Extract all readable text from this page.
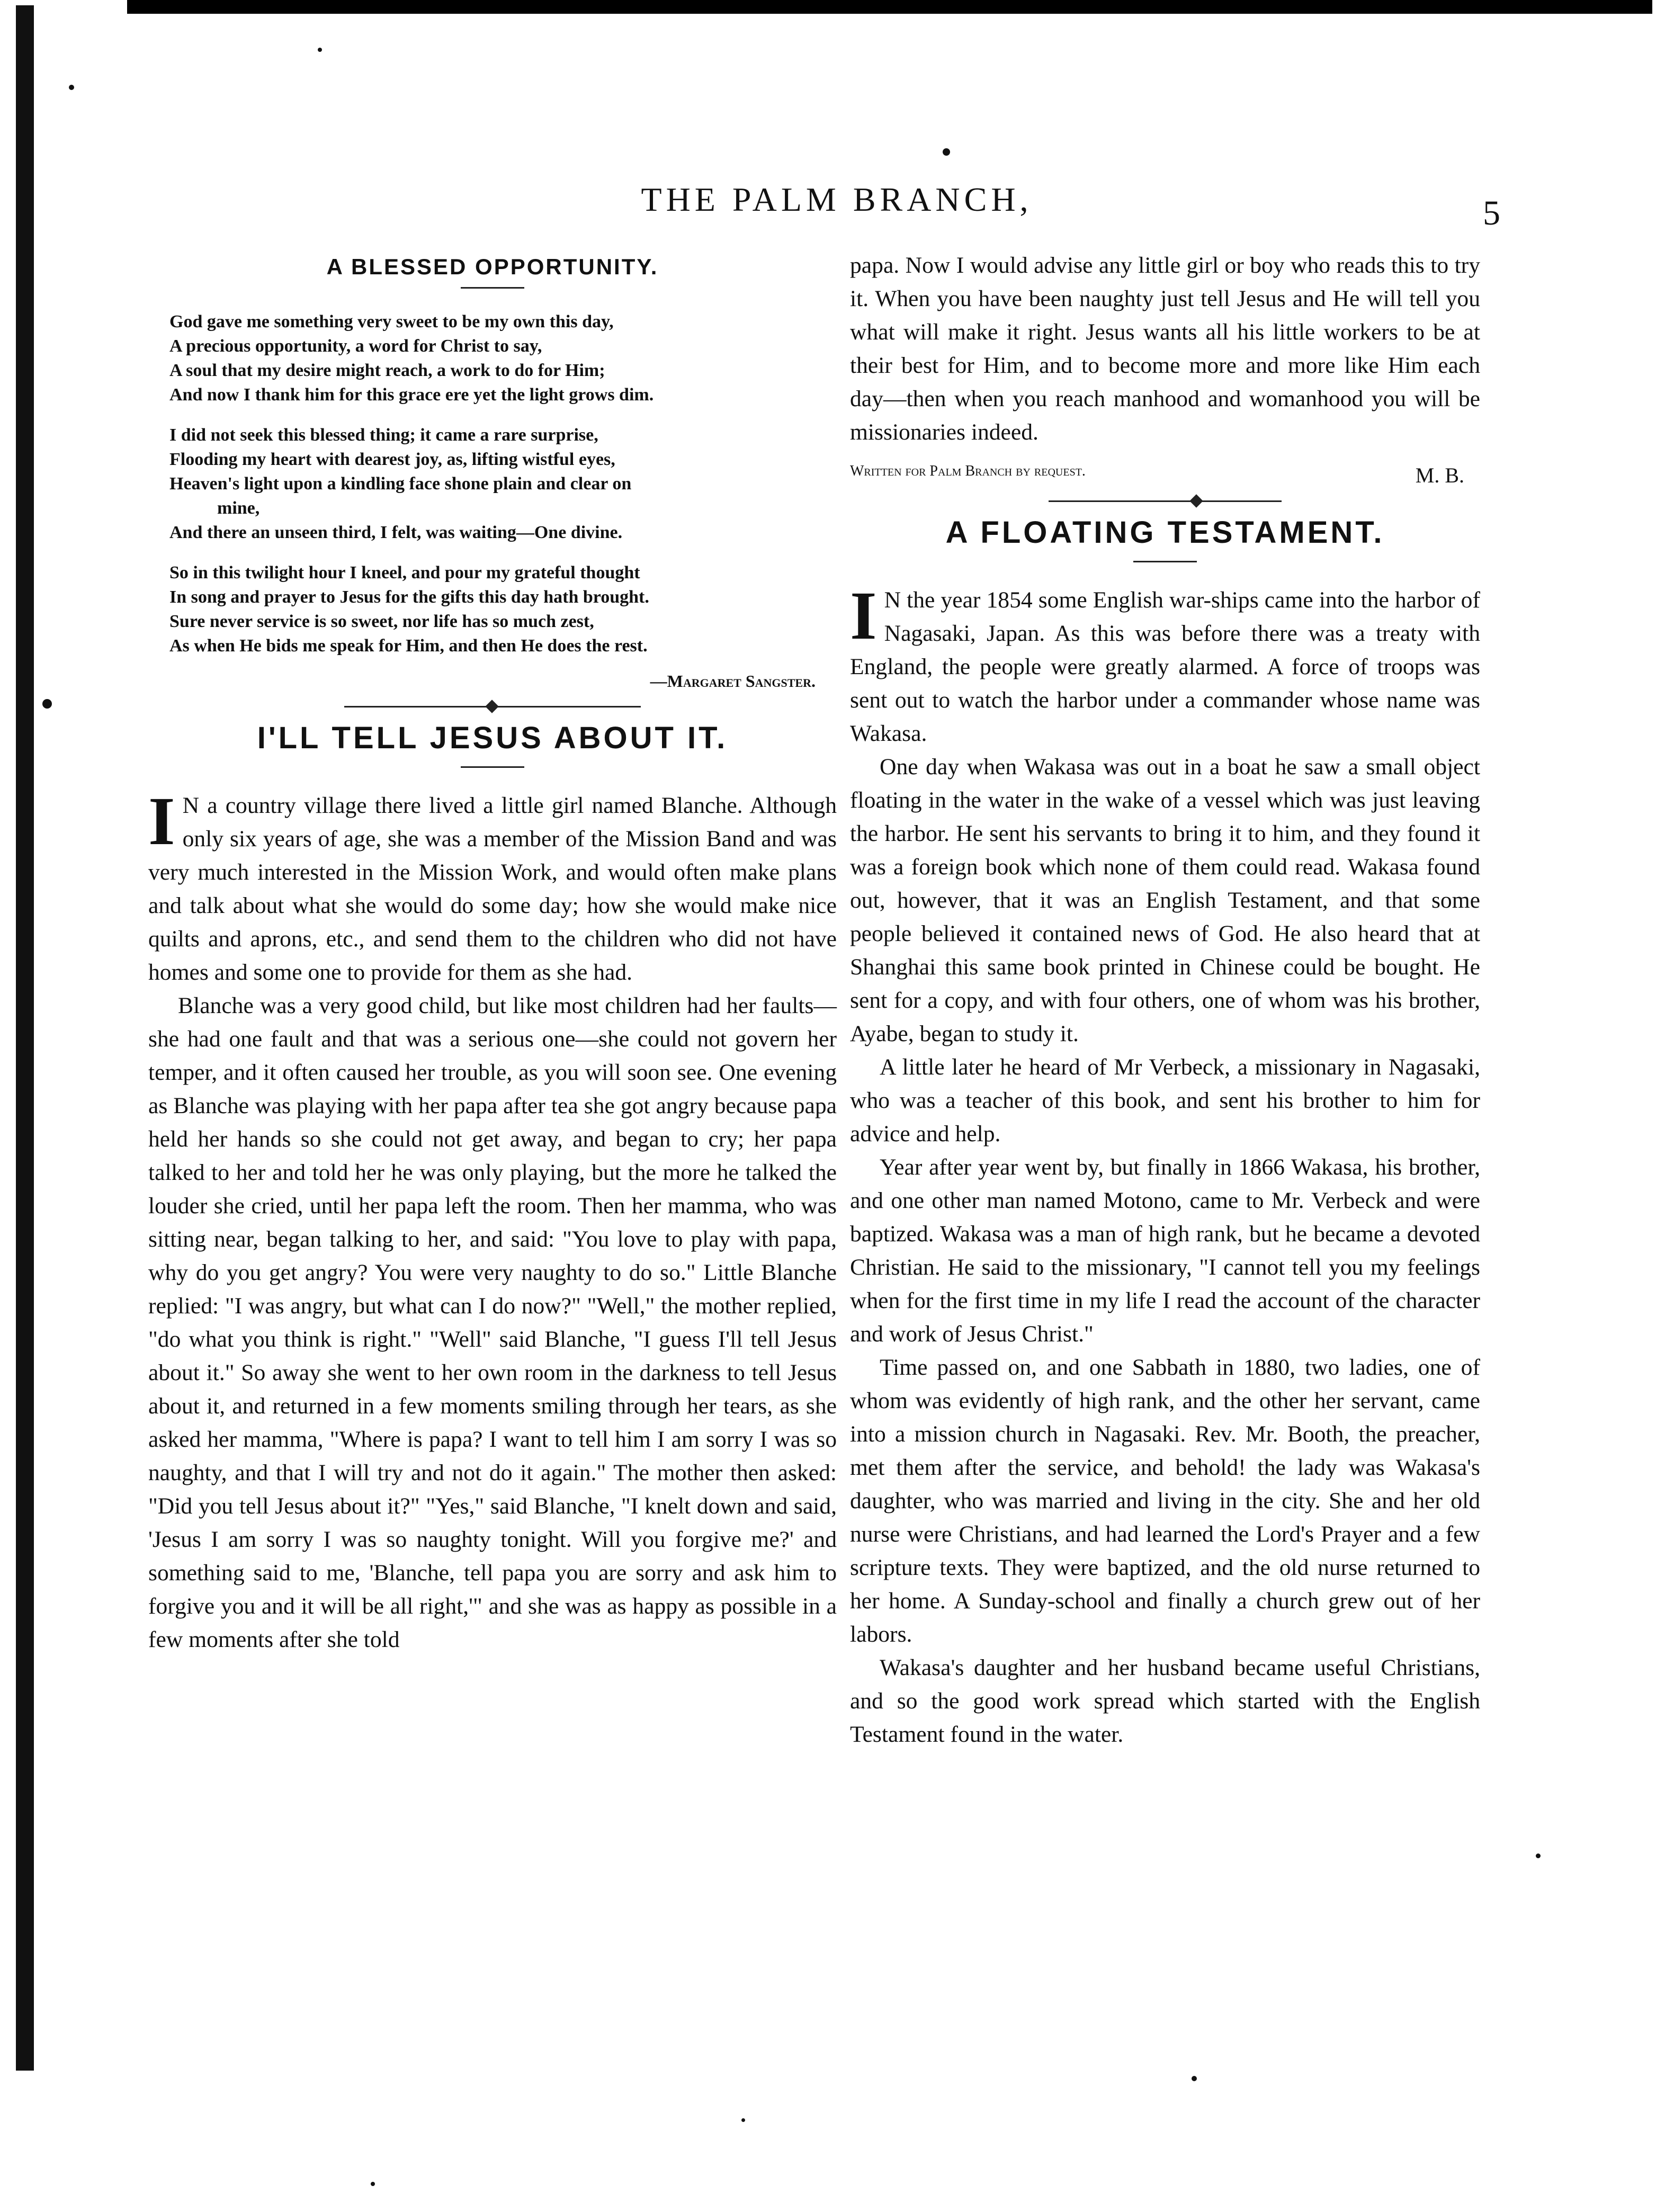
THE PALM BRANCH,	5
A BLESSED OPPORTUNITY.
God gave me something very sweet to be my own this day,
A precious opportunity, a word for Christ to say,
A soul that my desire might reach, a work to do for Him;
And now I thank him for this grace ere yet the light grows dim.
I did not seek this blessed thing; it came a rare surprise,
Flooding my heart with dearest joy, as, lifting wistful eyes,
Heaven's light upon a kindling face shone plain and clear on
mine,
And there an unseen third, I felt, was waiting—One divine.
So in this twilight hour I kneel, and pour my grateful thought
In song and prayer to Jesus for the gifts this day hath brought.
Sure never service is so sweet, nor life has so much zest,
As when He bids me speak for Him, and then He does the rest.
—Margaret Sangster.
I'LL TELL JESUS ABOUT IT.

I N a country village there lived a little girl named Blanche. Although only six years of age, she was a member of the Mission Band and was very much interested in the Mission Work, and would often make plans and talk about what she would do some day; how she would make nice quilts and aprons, etc., and send them to the children who did not have homes and some one to provide for them as she had.

Blanche was a very good child, but like most children had her faults—she had one fault and that was a serious one—she could not govern her temper, and it often caused her trouble, as you will soon see. One evening as Blanche was playing with her papa after tea she got angry because papa held her hands so she could not get away, and began to cry; her papa talked to her and told her he was only playing, but the more he talked the louder she cried, until her papa left the room. Then her mamma, who was sitting near, began talking to her, and said: "You love to play with papa, why do you get angry? You were very naughty to do so." Little Blanche replied: "I was angry, but what can I do now?" "Well," the mother replied, "do what you think is right." "Well" said Blanche, "I guess I'll tell Jesus about it." So away she went to her own room in the darkness to tell Jesus about it, and returned in a few moments smiling through her tears, as she asked her mamma, "Where is papa? I want to tell him I am sorry I was so naughty, and that I will try and not do it again." The mother then asked: "Did you tell Jesus about it?" "Yes," said Blanche, "I knelt down and said, 'Jesus I am sorry I was so naughty tonight. Will you forgive me?' and something said to me, 'Blanche, tell papa you are sorry and ask him to forgive you and it will be all right,'" and she was as happy as possible in a few moments after she told

papa. Now I would advise any little girl or boy who reads this to try it. When you have been naughty just tell Jesus and He will tell you what will make it right. Jesus wants all his little workers to be at their best for Him, and to become more and more like Him each day—then when you reach manhood and womanhood you will be missionaries indeed.

Written for Palm Branch by request.	M. B.
A FLOATING TESTAMENT.

I N the year 1854 some English war-ships came into the harbor of Nagasaki, Japan. As this was before there was a treaty with England, the people were greatly alarmed. A force of troops was sent out to watch the harbor under a commander whose name was Wakasa.

One day when Wakasa was out in a boat he saw a small object floating in the water in the wake of a vessel which was just leaving the harbor. He sent his servants to bring it to him, and they found it was a foreign book which none of them could read. Wakasa found out, however, that it was an English Testament, and that some people believed it contained news of God. He also heard that at Shanghai this same book printed in Chinese could be bought. He sent for a copy, and with four others, one of whom was his brother, Ayabe, began to study it.

A little later he heard of Mr Verbeck, a missionary in Nagasaki, who was a teacher of this book, and sent his brother to him for advice and help.

Year after year went by, but finally in 1866 Wakasa, his brother, and one other man named Motono, came to Mr. Verbeck and were baptized. Wakasa was a man of high rank, but he became a devoted Christian. He said to the missionary, "I cannot tell you my feelings when for the first time in my life I read the account of the character and work of Jesus Christ."

Time passed on, and one Sabbath in 1880, two ladies, one of whom was evidently of high rank, and the other her servant, came into a mission church in Nagasaki. Rev. Mr. Booth, the preacher, met them after the service, and behold! the lady was Wakasa's daughter, who was married and living in the city. She and her old nurse were Christians, and had learned the Lord's Prayer and a few scripture texts. They were baptized, and the old nurse returned to her home. A Sunday-school and finally a church grew out of her labors.

Wakasa's daughter and her husband became useful Christians, and so the good work spread which started with the English Testament found in the water.
